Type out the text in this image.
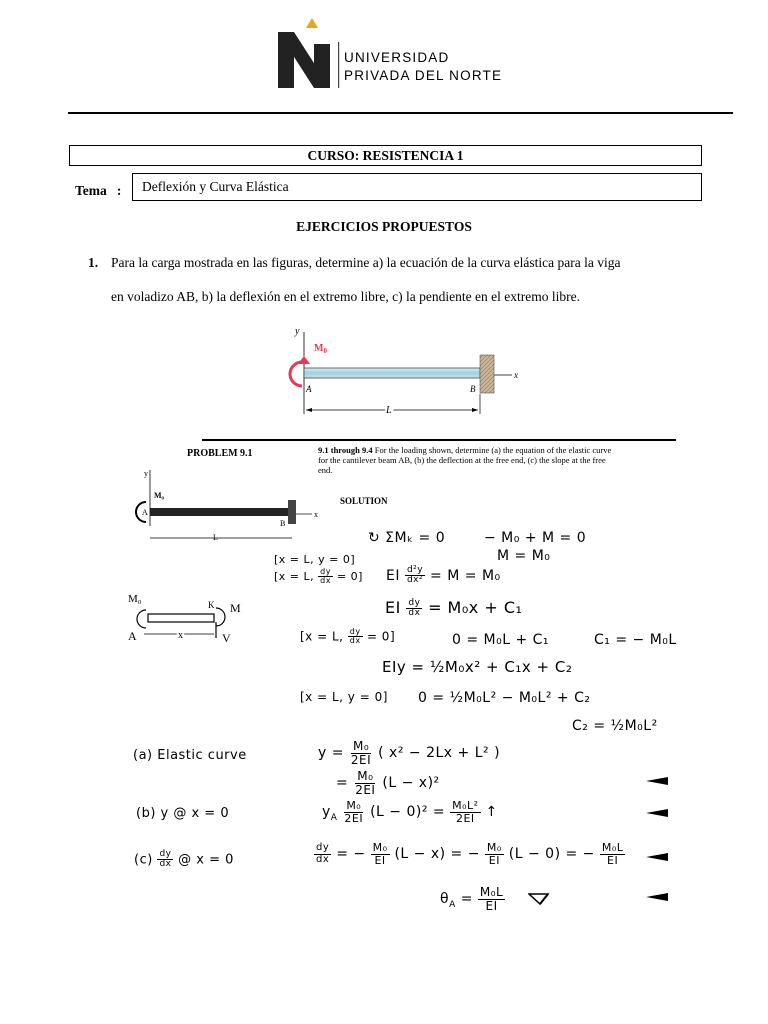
UNIVERSIDAD
PRIVADA DEL NORTE
CURSO: RESISTENCIA 1
Tema   :	Deflexión y Curva Elástica
EJERCICIOS PROPUESTOS
1. Para la carga mostrada en las figuras, determine a) la ecuación de la curva elástica para la viga
en voladizo AB, b) la deflexión en el extremo libre, c) la pendiente en el extremo libre.
y
x
$M_0$
A	B
L
PROBLEM 9.1	9.1 through 9.4 For the loading shown, determine (a) the equation of the elastic curve
for the cantilever beam AB, (b) the deflection at the free end, (c) the slope at the free
end.
SOLUTION
y
M₀
A
B
x
L
M₀	K M
A	x	V
↻ ΣMₖ = 0	− M₀ + M = 0
M = M₀
[x = L, y = 0]
[x = L, $\frac{dy}{dx} = 0$] EI $\frac{\text{d²y}}{\text{dx²}} = M = M_0$
EI $\frac{dy}{dx} = M_0x + C_1$
[x = L, $\frac{dy}{dx} = 0$]	0 = M₀L + C₁	C₁ = − M₀L
EIy = ½M₀x² + C₁x + C₂
[x = L, y = 0] 0 = ½M₀L² − M₀L² + C₂
C₂ = ½M₀L²
(a) Elastic curve	$y = \frac{\text{M₀}}{2EI}$ ( x² − 2Lx + L² )
= $\frac{\text{M₀}}{2EI} (L - x)^2$
(b) y @ x = 0	$y_A \frac{\text{M₀}}{2EI} (L - 0)^2 = \frac{\text{M₀L²}}{2EI}$ ↑
$(c) \frac{dy}{dx}$ @ x = 0	$\frac{dy}{dx}$ = − $\frac{\text{M₀}}{EI} (L - x)$ = − $\frac{\text{M₀}}{EI} (L - 0)$ = − $\frac{\text{M₀L}}{EI}$
$\theta_A = \frac{\text{M₀L}}{EI}$
